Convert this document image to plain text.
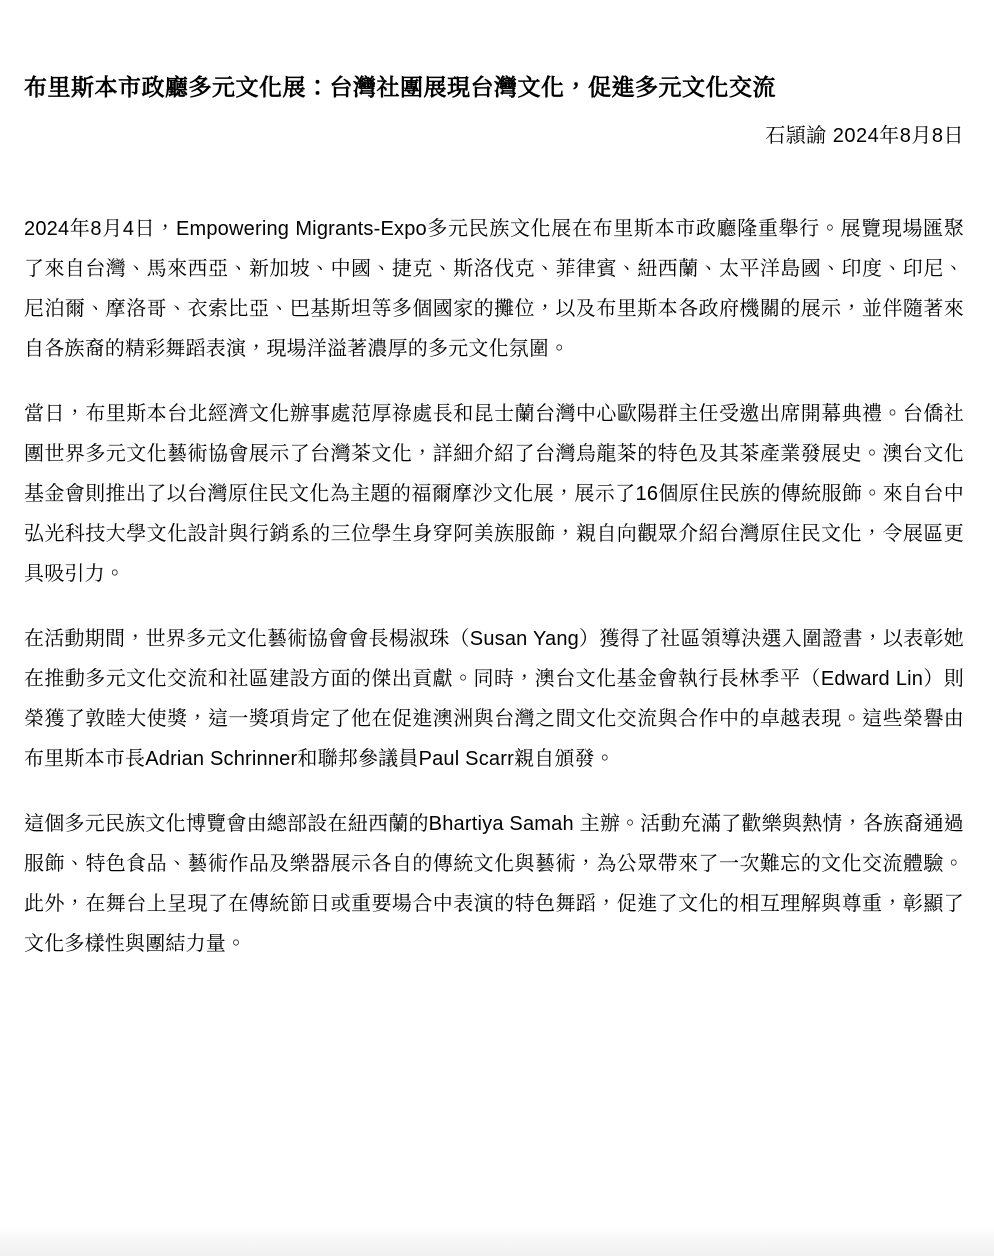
布里斯本市政廳多元文化展：台灣社團展現台灣文化，促進多元文化交流
石頴諭 2024年8月8日

2024年8月4日，Empowering Migrants-Expo多元民族文化展在布里斯本市政廳隆重舉行。展覽現場匯聚了來自台灣、馬來西亞、新加坡、中國、捷克、斯洛伐克、菲律賓、紐西蘭、太平洋島國、印度、印尼、尼泊爾、摩洛哥、衣索比亞、巴基斯坦等多個國家的攤位，以及布里斯本各政府機關的展示，並伴隨著來自各族裔的精彩舞蹈表演，現場洋溢著濃厚的多元文化氛圍。

當日，布里斯本台北經濟文化辦事處范厚祿處長和昆士蘭台灣中心歐陽群主任受邀出席開幕典禮。台僑社團世界多元文化藝術協會展示了台灣茶文化，詳細介紹了台灣烏龍茶的特色及其茶產業發展史。澳台文化基金會則推出了以台灣原住民文化為主題的福爾摩沙文化展，展示了16個原住民族的傳統服飾。來自台中弘光科技大學文化設計與行銷系的三位學生身穿阿美族服飾，親自向觀眾介紹台灣原住民文化，令展區更具吸引力。

在活動期間，世界多元文化藝術協會會長楊淑珠（Susan Yang）獲得了社區領導決選入圍證書，以表彰她在推動多元文化交流和社區建設方面的傑出貢獻。同時，澳台文化基金會執行長林季平（Edward Lin）則榮獲了敦睦大使獎，這一獎項肯定了他在促進澳洲與台灣之間文化交流與合作中的卓越表現。這些榮譽由布里斯本市長Adrian Schrinner和聯邦參議員Paul Scarr親自頒發。

這個多元民族文化博覽會由總部設在紐西蘭的Bhartiya Samah 主辦。活動充滿了歡樂與熱情，各族裔通過服飾、特色食品、藝術作品及樂器展示各自的傳統文化與藝術，為公眾帶來了一次難忘的文化交流體驗。此外，在舞台上呈現了在傳統節日或重要場合中表演的特色舞蹈，促進了文化的相互理解與尊重，彰顯了文化多樣性與團結力量。
